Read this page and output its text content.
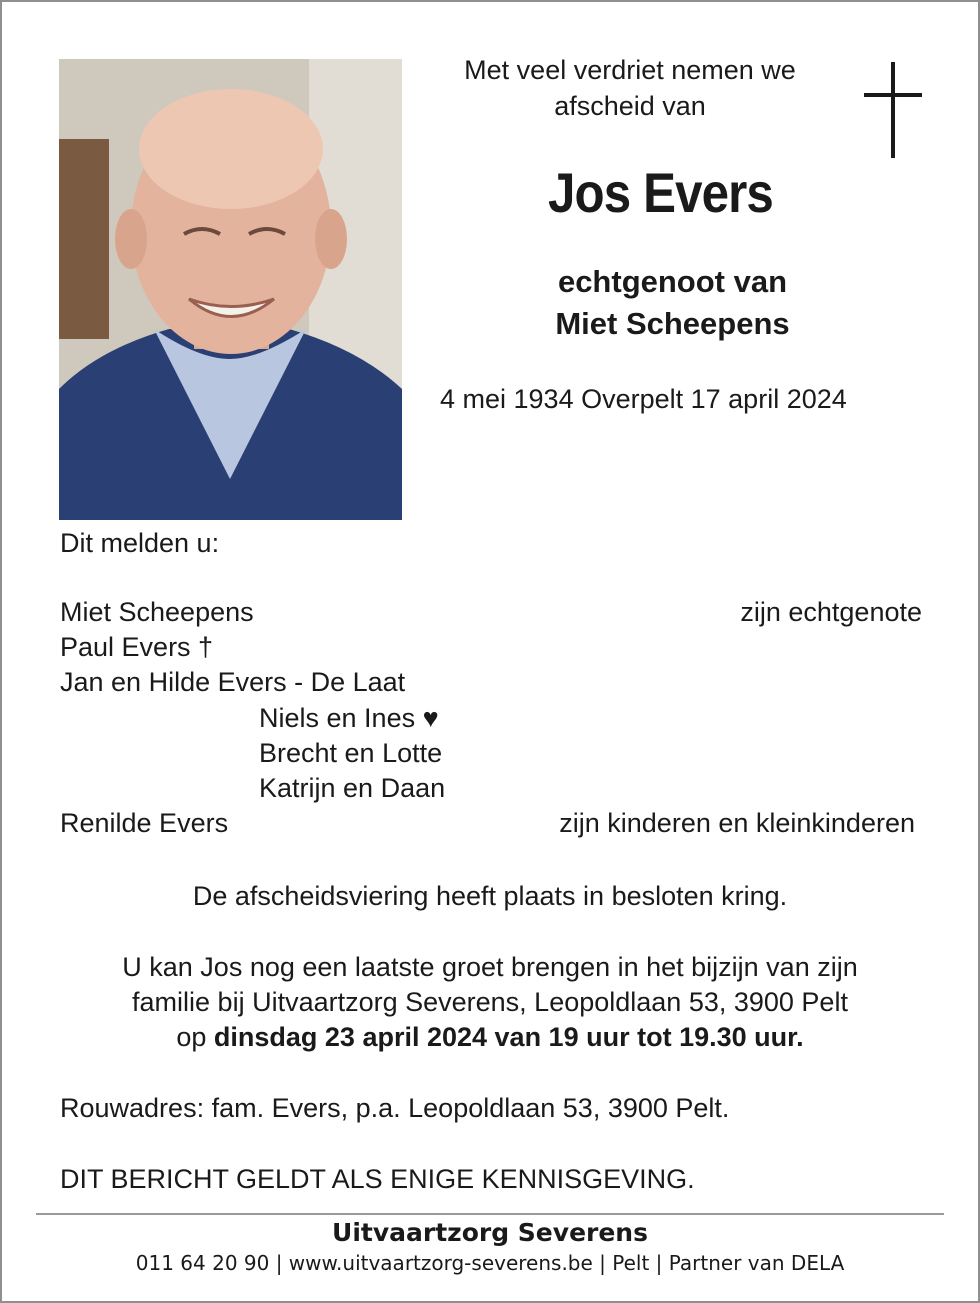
Met veel verdriet nemen we
afscheid van
Jos Evers
echtgenoot van
Miet Scheepens
4 mei 1934 Overpelt 17 april 2024
Dit melden u:
Miet Scheepens	zijn echtgenote
Paul Evers †
Jan en Hilde Evers - De Laat
Niels en Ines ♥
Brecht en Lotte
Katrijn en Daan
Renilde Evers	zijn kinderen en kleinkinderen
De afscheidsviering heeft plaats in besloten kring.
U kan Jos nog een laatste groet brengen in het bijzijn van zijn
familie bij Uitvaartzorg Severens, Leopoldlaan 53, 3900 Pelt
op dinsdag 23 april 2024 van 19 uur tot 19.30 uur.
Rouwadres: fam. Evers, p.a. Leopoldlaan 53, 3900 Pelt.
DIT BERICHT GELDT ALS ENIGE KENNISGEVING.
Uitvaartzorg Severens
011 64 20 90 | www.uitvaartzorg-severens.be | Pelt | Partner van DELA
